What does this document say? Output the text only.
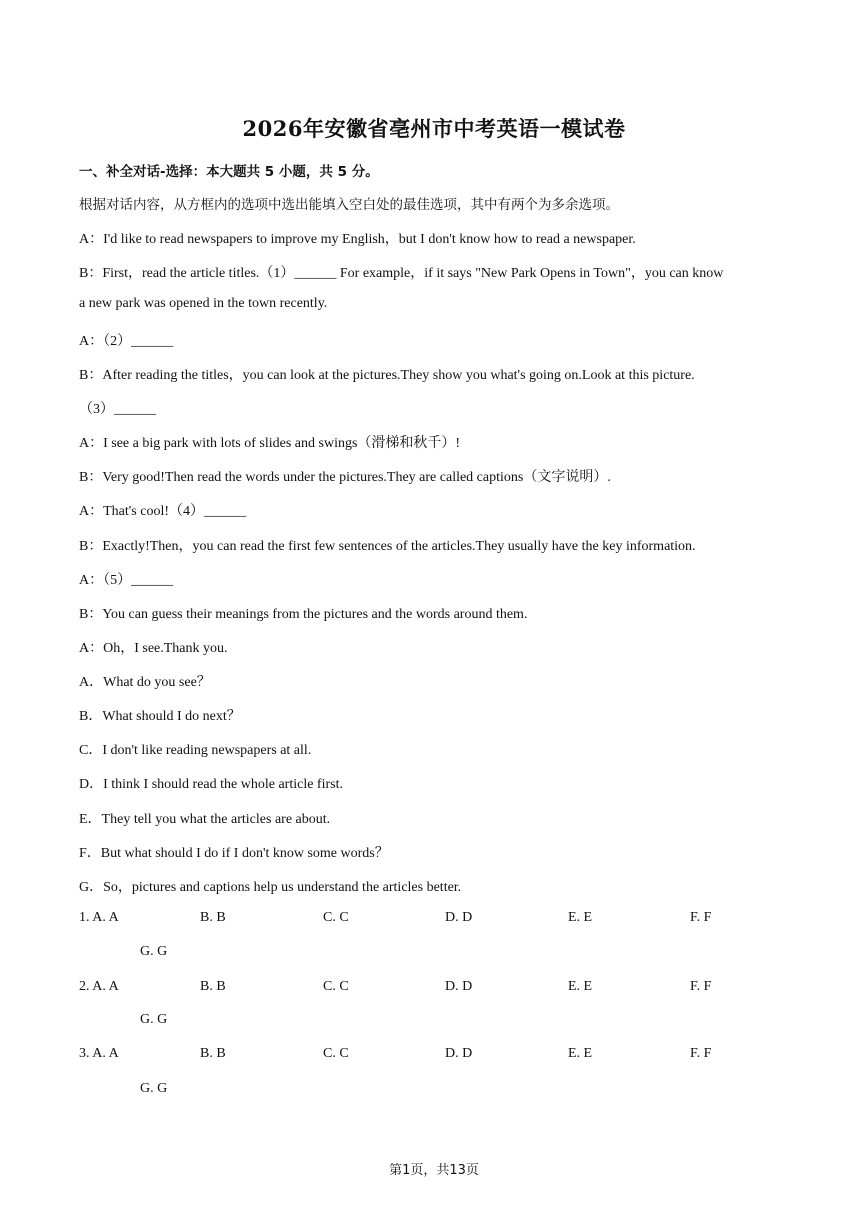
2026年安徽省亳州市中考英语一模试卷
一、补全对话-选择：本大题共 5 小题，共 5 分。
根据对话内容，从方框内的选项中选出能填入空白处的最佳选项，其中有两个为多余选项。
A：I'd like to read newspapers to improve my English，but I don't know how to read a newspaper.
B：First，read the article titles.（1）______ For example，if it says "New Park Opens in Town"，you can know
a new park was opened in the town recently.
A：（2）______
B：After reading the titles，you can look at the pictures.They show you what's going on.Look at this picture.
（3）______
A：I see a big park with lots of slides and swings（滑梯和秋千）!
B：Very good!Then read the words under the pictures.They are called captions（文字说明）.
A：That's cool!（4）______
B：Exactly!Then，you can read the first few sentences of the articles.They usually have the key information.
A：（5）______
B：You can guess their meanings from the pictures and the words around them.
A：Oh，I see.Thank you.
A．What do you see？
B．What should I do next？
C．I don't like reading newspapers at all.
D．I think I should read the whole article first.
E．They tell you what the articles are about.
F．But what should I do if I don't know some words？
G．So，pictures and captions help us understand the articles better.
1. A. A	B. B	C. C	D. D	E. E	F. F
G. G
2. A. A	B. B	C. C	D. D	E. E	F. F
G. G
3. A. A	B. B	C. C	D. D	E. E	F. F
G. G
第1页，共13页
